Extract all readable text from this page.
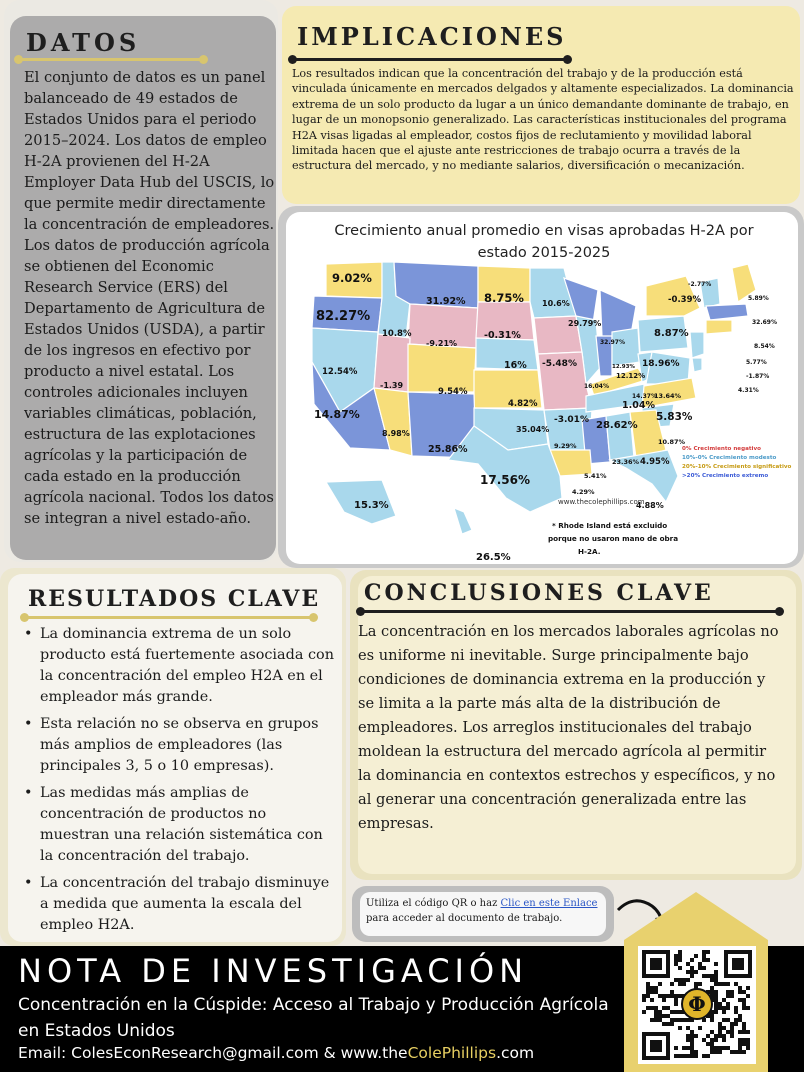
DATOS

El conjunto de datos es un panel balanceado de 49 estados de Estados Unidos para el periodo 2015–2024. Los datos de empleo H-2A provienen del H-2A Employer Data Hub del USCIS, lo que permite medir directamente la concentración de empleadores. Los datos de producción agrícola se obtienen del Economic Research Service (ERS) del Departamento de Agricultura de Estados Unidos (USDA), a partir de los ingresos en efectivo por producto a nivel estatal. Los controles adicionales incluyen variables climáticas, población, estructura de las explotaciones agrícolas y la participación de cada estado en la producción agrícola nacional. Todos los datos se integran a nivel estado-año.

IMPLICACIONES

Los resultados indican que la concentración del trabajo y de la producción está vinculada únicamente en mercados delgados y altamente especializados. La dominancia extrema de un solo producto da lugar a un único demandante dominante de trabajo, en lugar de un monopsonio generalizado. Las características institucionales del programa H2A visas ligadas al empleador, costos fijos de reclutamiento y movilidad laboral limitada hacen que el ajuste ante restricciones de trabajo ocurra a través de la estructura del mercado, y no mediante salarios, diversificación o mecanización.

Crecimiento anual promedio en visas aprobadas H-2A por
estado 2015-2025
9.02%
82.27%
10.8%
31.92% 8.75% 10.6%
-9.21%
-0.31%
29.79%
32.97%
12.54%
-1.39
9.54%
16% -5.48%
16.04%
12.93%
12.12%
18.96%
8.87%
14.87%
4.82%
-3.01%
1.04%
14.37%
13.64%
8.98%
25.86%
35.04%
9.29%
28.62%
5.83%
10.87%
23.36% 4.95%
5.41%
17.56%
4.88%
4.29%
15.3%
26.5%
-2.77%
-0.39%	5.89%
32.69%
8.54%
5.77%
-1.87%
4.31%
0% Crecimiento negativo
10%-0% Crecimiento modesto
20%-10% Crecimiento significativo
>20% Crecimiento extremo
www.thecolephillips.com
* Rhode Island está excluido porque no usaron mano de obra H-2A.
RESULTADOS CLAVE
• La dominancia extrema de un solo producto está fuertemente asociada con la concentración del empleo H2A en el empleador más grande.
• Esta relación no se observa en grupos más amplios de empleadores (las principales 3, 5 o 10 empresas).
• Las medidas más amplias de concentración de productos no muestran una relación sistemática con la concentración del trabajo.
• La concentración del trabajo disminuye a medida que aumenta la escala del empleo H2A.
CONCLUSIONES CLAVE

La concentración en los mercados laborales agrícolas no es uniforme ni inevitable. Surge principalmente bajo condiciones de dominancia extrema en la producción y se limita a la parte más alta de la distribución de empleadores. Los arreglos institucionales del trabajo moldean la estructura del mercado agrícola al permitir la dominancia en contextos estrechos y específicos, y no al generar una concentración generalizada entre las empresas.

Utiliza el código QR o haz Clic en este Enlace para acceder al documento de trabajo.
NOTA DE INVESTIGACIÓN
Concentración en la Cúspide: Acceso al Trabajo y Producción Agrícola en Estados Unidos
Email: ColesEconResearch@gmail.com & www.theColePhillips.com
Φ
